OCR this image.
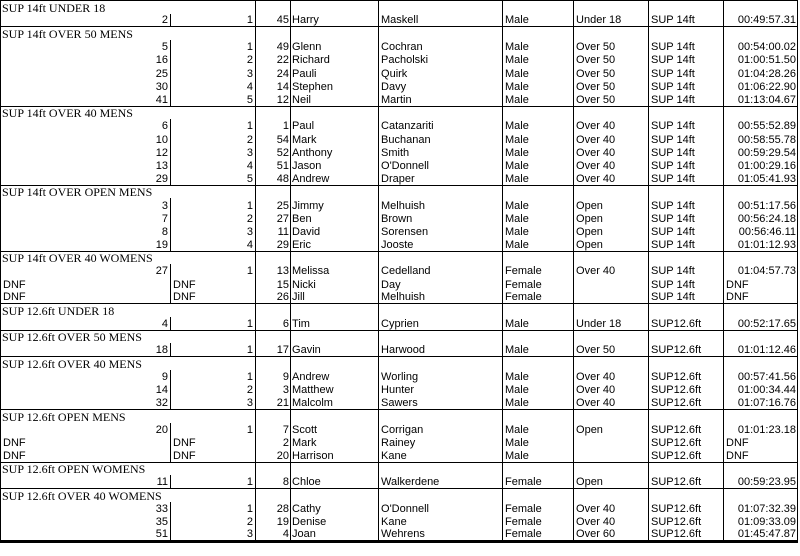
SUP 14ft UNDER 18								
2	1	45	Harry	Maskell	Male	Under 18	SUP 14ft	00:49:57.31
SUP 14ft OVER 50 MENS								
5	1	49	Glenn	Cochran	Male	Over 50	SUP 14ft	00:54:00.02
16	2	22	Richard	Pacholski	Male	Over 50	SUP 14ft	01:00:51.50
25	3	24	Pauli	Quirk	Male	Over 50	SUP 14ft	01:04:28.26
30	4	14	Stephen	Davy	Male	Over 50	SUP 14ft	01:06:22.90
41	5	12	Neil	Martin	Male	Over 50	SUP 14ft	01:13:04.67
SUP 14ft OVER 40 MENS								
6	1	1	Paul	Catanzariti	Male	Over 40	SUP 14ft	00:55:52.89
10	2	54	Mark	Buchanan	Male	Over 40	SUP 14ft	00:58:55.78
12	3	52	Anthony	Smith	Male	Over 40	SUP 14ft	00:59:29.54
13	4	51	Jason	O'Donnell	Male	Over 40	SUP 14ft	01:00:29.16
29	5	48	Andrew	Draper	Male	Over 40	SUP 14ft	01:05:41.93
SUP 14ft OVER OPEN MENS								
3	1	25	Jimmy	Melhuish	Male	Open	SUP 14ft	00:51:17.56
7	2	27	Ben	Brown	Male	Open	SUP 14ft	00:56:24.18
8	3	11	David	Sorensen	Male	Open	SUP 14ft	00:56:46.11
19	4	29	Eric	Jooste	Male	Open	SUP 14ft	01:01:12.93
SUP 14ft OVER 40 WOMENS								
27	1	13	Melissa	Cedelland	Female	Over 40	SUP 14ft	01:04:57.73
DNF	DNF	15	Nicki	Day	Female		SUP 14ft	DNF
DNF	DNF	26	Jill	Melhuish	Female		SUP 14ft	DNF
SUP 12.6ft UNDER 18								
4	1	6	Tim	Cyprien	Male	Under 18	SUP12.6ft	00:52:17.65
SUP 12.6ft OVER 50 MENS								
18	1	17	Gavin	Harwood	Male	Over 50	SUP12.6ft	01:01:12.46
SUP 12.6ft OVER 40 MENS								
9	1	9	Andrew	Worling	Male	Over 40	SUP12.6ft	00:57:41.56
14	2	3	Matthew	Hunter	Male	Over 40	SUP12.6ft	01:00:34.44
32	3	21	Malcolm	Sawers	Male	Over 40	SUP12.6ft	01:07:16.76
SUP 12.6ft OPEN MENS								
20	1	7	Scott	Corrigan	Male	Open	SUP12.6ft	01:01:23.18
DNF	DNF	2	Mark	Rainey	Male		SUP12.6ft	DNF
DNF	DNF	20	Harrison	Kane	Male		SUP12.6ft	DNF
SUP 12.6ft OPEN WOMENS								
11	1	8	Chloe	Walkerdene	Female	Open	SUP12.6ft	00:59:23.95
SUP 12.6ft OVER 40 WOMENS								
33	1	28	Cathy	O'Donnell	Female	Over 40	SUP12.6ft	01:07:32.39
35	2	19	Denise	Kane	Female	Over 40	SUP12.6ft	01:09:33.09
51	3	4	Joan	Wehrens	Female	Over 60	SUP12.6ft	01:45:47.87
